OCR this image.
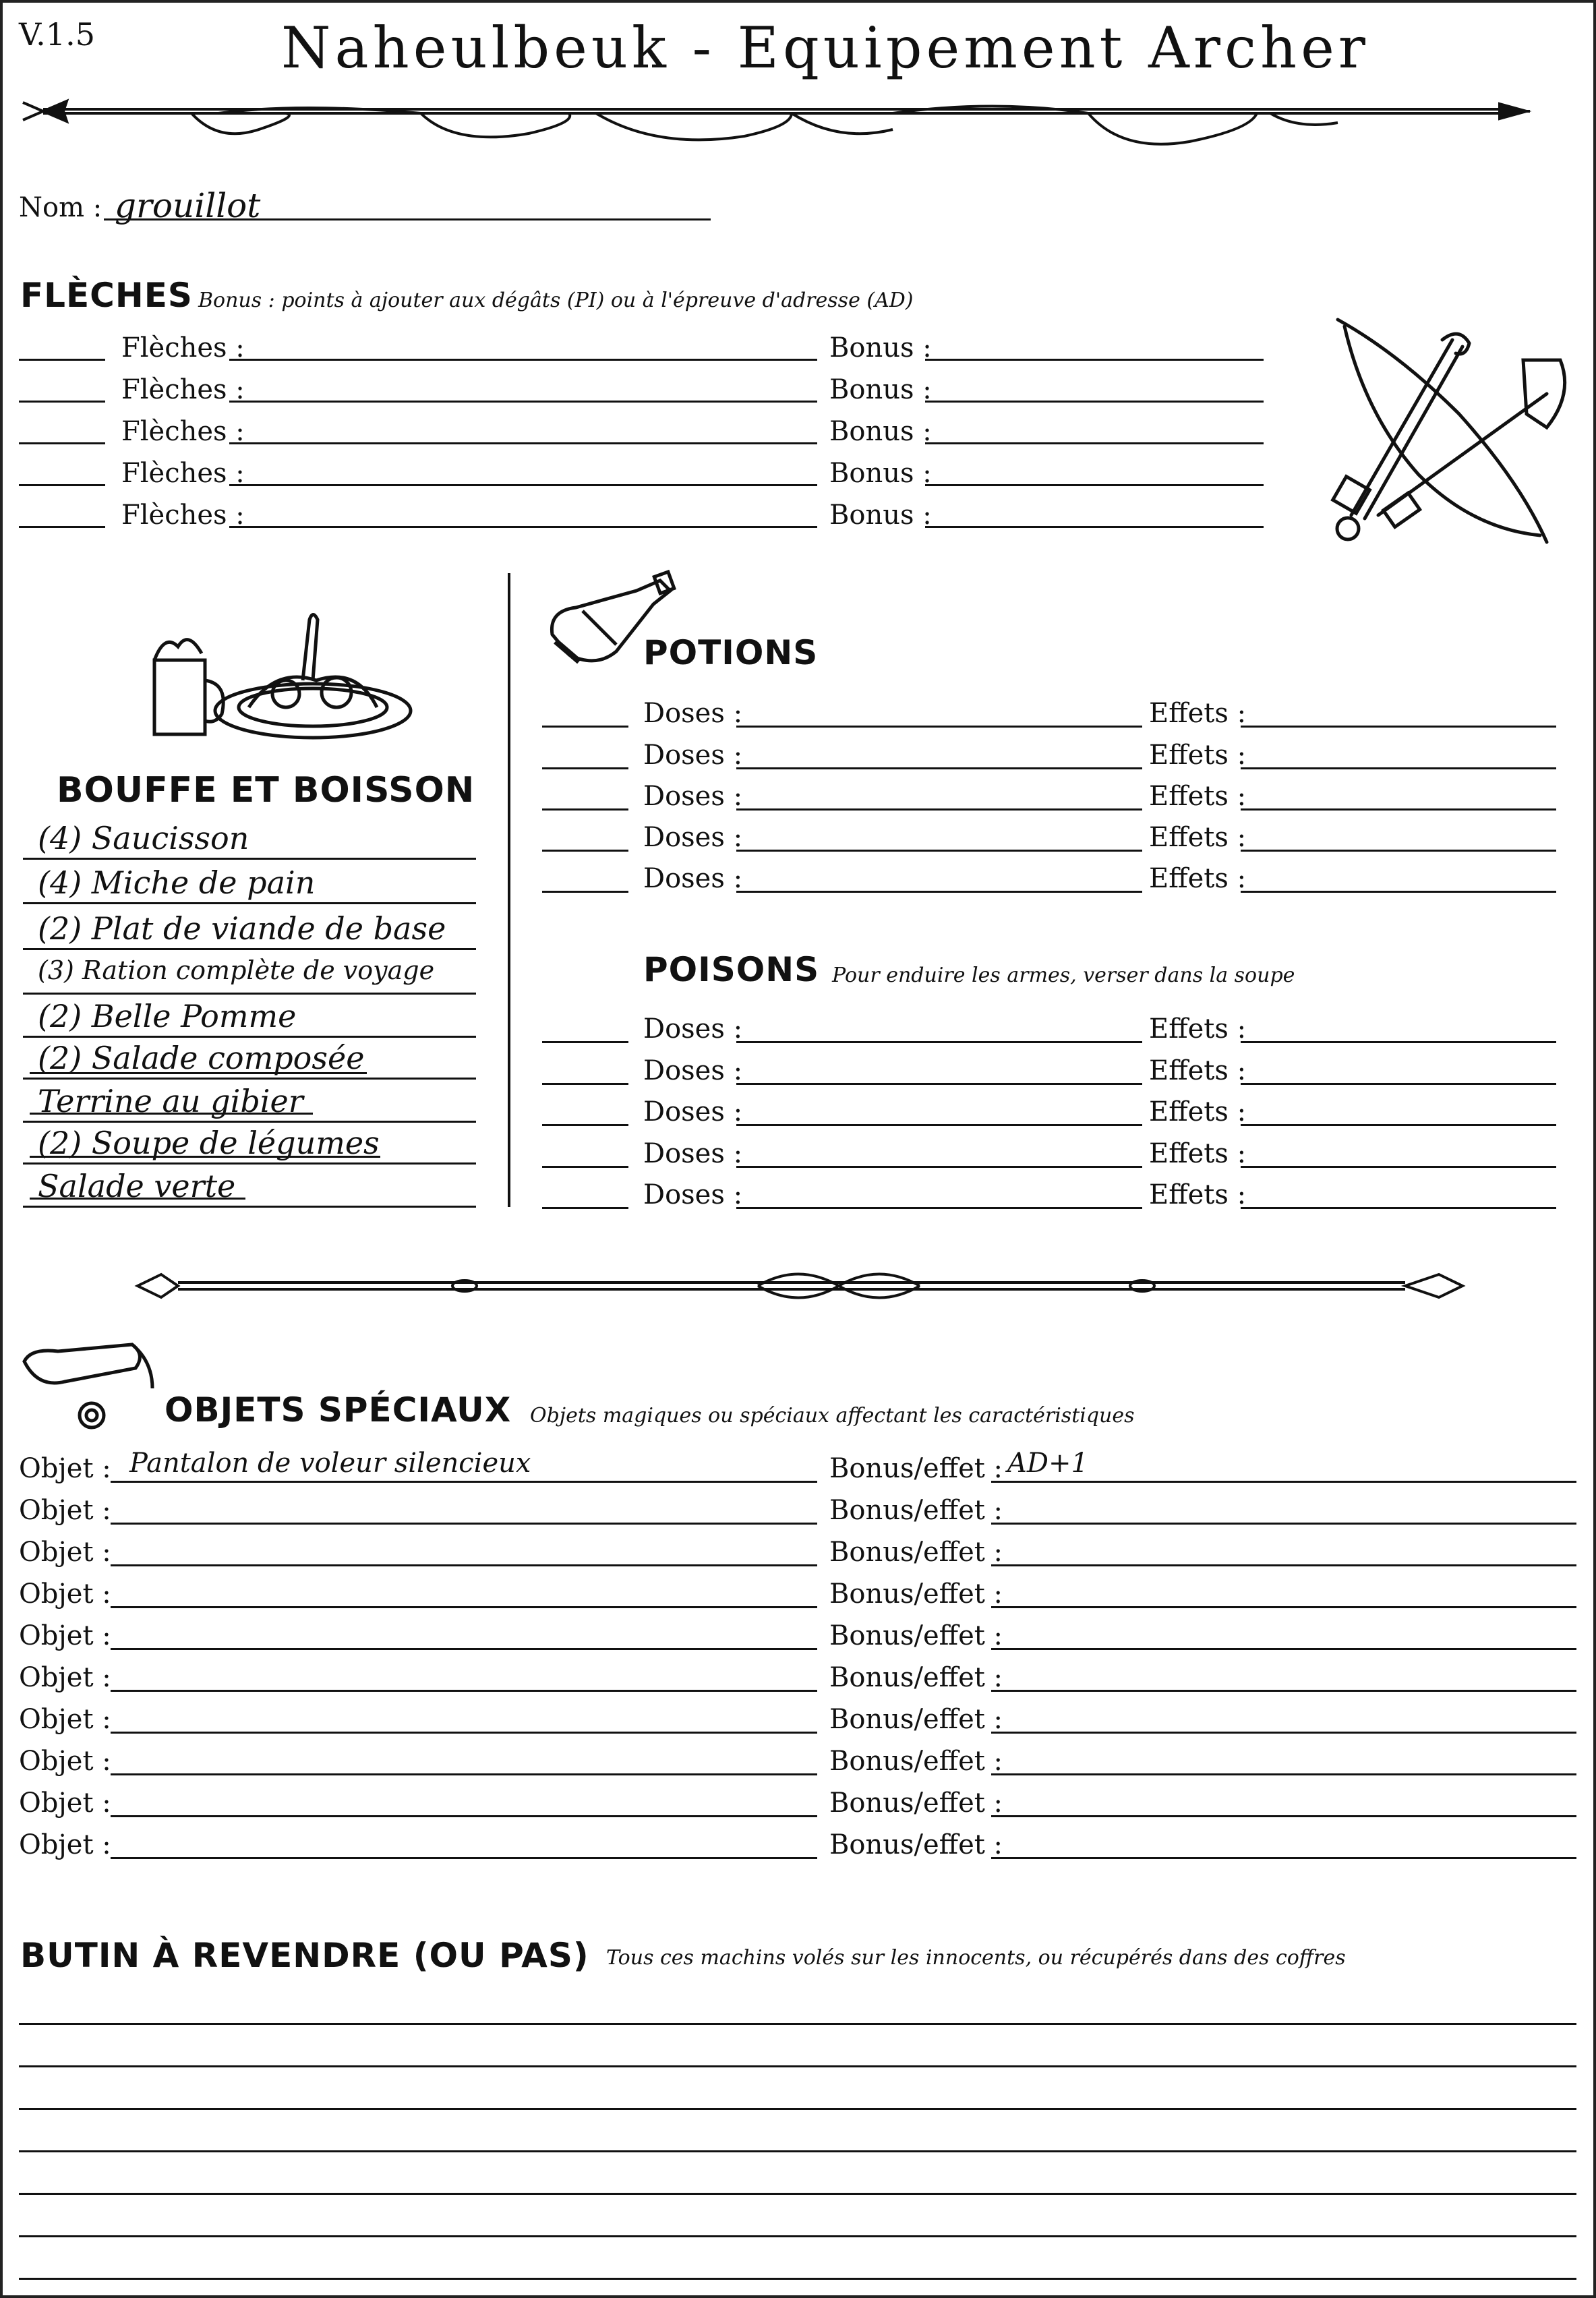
V.1.5	Naheulbeuk - Equipement Archer
Nom : grouillot
FLÈCHES Bonus : points à ajouter aux dégâts (PI) ou à l'épreuve d'adresse (AD)
Flèches :	Bonus :
Flèches :	Bonus :
Flèches :	Bonus :
Flèches :	Bonus :
Flèches :	Bonus :
BOUFFE ET BOISSON
(4) Saucisson
(4) Miche de pain
(2) Plat de viande de base
(3) Ration complète de voyage
(2) Belle Pomme
(2) Salade composée
Terrine au gibier
(2) Soupe de légumes
Salade verte
POTIONS
Doses :	Effets :
Doses :	Effets :
Doses :	Effets :
Doses :	Effets :
Doses :	Effets :
POISONS Pour enduire les armes, verser dans la soupe
Doses :	Effets :
Doses :	Effets :
Doses :	Effets :
Doses :	Effets :
Doses :	Effets :
OBJETS SPÉCIAUX Objets magiques ou spéciaux affectant les caractéristiques
Objet : Pantalon de voleur silencieux	Bonus/effet : AD+1
Objet :	Bonus/effet :
Objet :	Bonus/effet :
Objet :	Bonus/effet :
Objet :	Bonus/effet :
Objet :	Bonus/effet :
Objet :	Bonus/effet :
Objet :	Bonus/effet :
Objet :	Bonus/effet :
Objet :	Bonus/effet :
BUTIN À REVENDRE (OU PAS) Tous ces machins volés sur les innocents, ou récupérés dans des coffres
